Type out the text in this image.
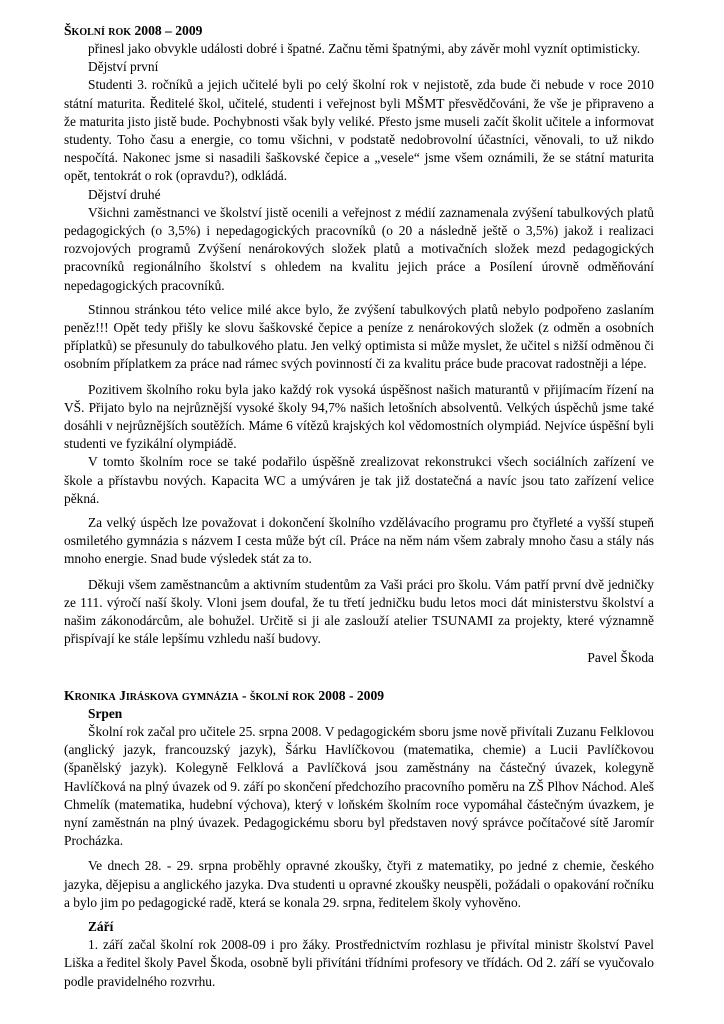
Školní rok 2008 – 2009

přinesl jako obvykle události dobré i špatné. Začnu těmi špatnými, aby závěr mohl vyznít optimisticky.

Dějství první

Studenti 3. ročníků a jejich učitelé byli po celý školní rok v nejistotě, zda bude či nebude v roce 2010 státní maturita. Ředitelé škol, učitelé, studenti i veřejnost byli MŠMT přesvědčováni, že vše je připraveno a že maturita jisto jistě bude. Pochybnosti však byly veliké. Přesto jsme museli začít školit učitele a informovat studenty. Toho času a energie, co tomu všichni, v podstatě nedobrovolní účastníci, věnovali, to už nikdo nespočítá. Nakonec jsme si nasadili šaškovské čepice a „vesele“ jsme všem oznámili, že se státní maturita opět, tentokrát o rok (opravdu?), odkládá.

Dějství druhé

Všichni zaměstnanci ve školství jistě ocenili a veřejnost z médií zaznamenala zvýšení tabulkových platů pedagogických (o 3,5%) i nepedagogických pracovníků (o 20 a následně ještě o 3,5%) jakož i realizaci rozvojových programů Zvýšení nenárokových složek platů a motivačních složek mezd pedagogických pracovníků regionálního školství s ohledem na kvalitu jejich práce a Posílení úrovně odměňování nepedagogických pracovníků.

Stinnou stránkou této velice milé akce bylo, že zvýšení tabulkových platů nebylo podpořeno zaslaním peněz!!! Opět tedy přišly ke slovu šaškovské čepice a peníze z nenárokových složek (z odměn a osobních příplatků) se přesunuly do tabulkového platu. Jen velký optimista si může myslet, že učitel s nižší odměnou či osobním příplatkem za práce nad rámec svých povinností či za kvalitu práce bude pracovat radostněji a lépe.

Pozitivem školního roku byla jako každý rok vysoká úspěšnost našich maturantů v přijímacím řízení na VŠ. Přijato bylo na nejrůznější vysoké školy 94,7% našich letošních absolventů. Velkých úspěchů jsme také dosáhli v nejrůznějších soutěžích. Máme 6 vítězů krajských kol vědomostních olympiád. Nejvíce úspěšní byli studenti ve fyzikální olympiádě.

V tomto školním roce se také podařilo úspěšně zrealizovat rekonstrukci všech sociálních zařízení ve škole a přístavbu nových. Kapacita WC a umýváren je tak již dostatečná a navíc jsou tato zařízení velice pěkná.

Za velký úspěch lze považovat i dokončení školního vzdělávacího programu pro čtyřleté a vyšší stupeň osmiletého gymnázia s názvem I cesta může být cíl. Práce na něm nám všem zabraly mnoho času a stály nás mnoho energie. Snad bude výsledek stát za to.

Děkuji všem zaměstnancům a aktivním studentům za Vaši práci pro školu. Vám patří první dvě jedničky ze 111. výročí naší školy. Vloni jsem doufal, že tu třetí jedničku budu letos moci dát ministerstvu školství a našim zákonodárcům, ale bohužel. Určitě si ji ale zaslouží atelier TSUNAMI za projekty, které významně přispívají ke stále lepšímu vzhledu naší budovy.

Pavel Škoda

Kronika Jiráskova gymnázia - školní rok 2008 - 2009
Srpen

Školní rok začal pro učitele 25. srpna 2008. V pedagogickém sboru jsme nově přivítali Zuzanu Felklovou (anglický jazyk, francouzský jazyk), Šárku Havlíčkovou (matematika, chemie) a Lucii Pavlíčkovou (španělský jazyk). Kolegyně Felklová a Pavlíčková jsou zaměstnány na částečný úvazek, kolegyně Havlíčková na plný úvazek od 9. září po skončení předchozího pracovního poměru na ZŠ Plhov Náchod. Aleš Chmelík (matematika, hudební výchova), který v loňském školním roce vypomáhal částečným úvazkem, je nyní zaměstnán na plný úvazek. Pedagogickému sboru byl představen nový správce počítačové sítě Jaromír Procházka.

Ve dnech 28. - 29. srpna proběhly opravné zkoušky, čtyři z matematiky, po jedné z chemie, českého jazyka, dějepisu a anglického jazyka. Dva studenti u opravné zkoušky neuspěli, požádali o opakování ročníku a bylo jim po pedagogické radě, která se konala 29. srpna, ředitelem školy vyhověno.

Září

1. září začal školní rok 2008-09 i pro žáky. Prostřednictvím rozhlasu je přivítal ministr školství Pavel Liška a ředitel školy Pavel Škoda, osobně byli přivítáni třídními profesory ve třídách. Od 2. září se vyučovalo podle pravidelného rozvrhu.
